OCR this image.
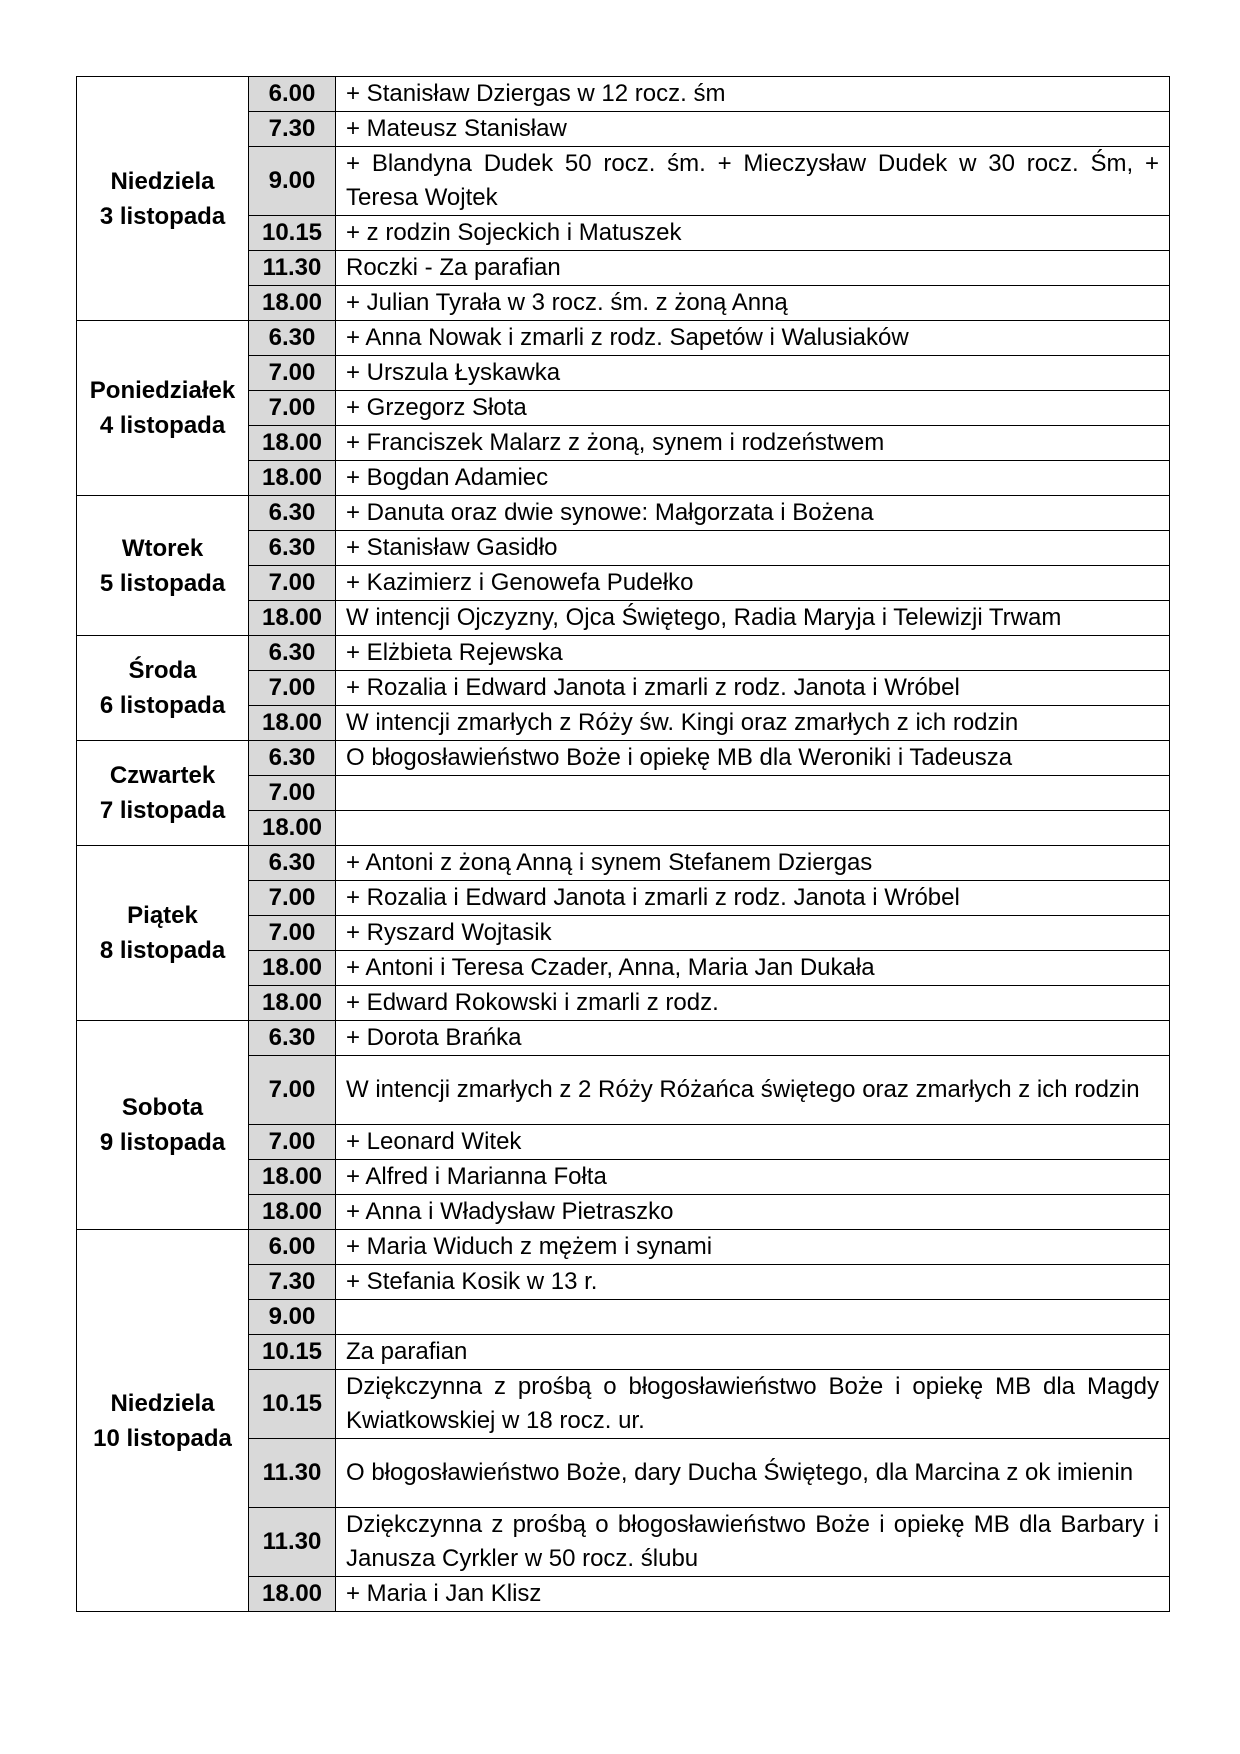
Niedziela
3 listopada	6.00	+ Stanisław Dziergas w 12 rocz. śm
	7.30	+ Mateusz Stanisław
	9.00	+ Blandyna Dudek 50 rocz. śm. + Mieczysław Dudek w 30 rocz. Śm, + Teresa Wojtek
	10.15	+ z rodzin Sojeckich i Matuszek
	11.30	Roczki - Za parafian
	18.00	+ Julian Tyrała w 3 rocz. śm. z żoną Anną

Poniedziałek
4 listopada	6.30	+ Anna Nowak i zmarli z rodz. Sapetów i Walusiaków
	7.00	+ Urszula Łyskawka
	7.00	+ Grzegorz Słota
	18.00	+ Franciszek Malarz z żoną, synem i rodzeństwem
	18.00	+ Bogdan Adamiec

Wtorek
5 listopada	6.30	+ Danuta oraz dwie synowe: Małgorzata i Bożena
	6.30	+ Stanisław Gasidło
	7.00	+ Kazimierz i Genowefa Pudełko
	18.00	W intencji Ojczyzny, Ojca Świętego, Radia Maryja i Telewizji Trwam

Środa
6 listopada	6.30	+ Elżbieta Rejewska
	7.00	+ Rozalia i Edward Janota i zmarli z rodz. Janota i Wróbel
	18.00	W intencji zmarłych z Róży św. Kingi oraz zmarłych z ich rodzin

Czwartek
7 listopada	6.30	O błogosławieństwo Boże i opiekę MB dla Weroniki i Tadeusza
	7.00	
	18.00	

Piątek
8 listopada	6.30	+ Antoni z żoną Anną i synem Stefanem Dziergas
	7.00	+ Rozalia i Edward Janota i zmarli z rodz. Janota i Wróbel
	7.00	+ Ryszard Wojtasik
	18.00	+ Antoni i Teresa Czader, Anna, Maria Jan Dukała
	18.00	+ Edward Rokowski i zmarli z rodz.

Sobota
9 listopada	6.30	+ Dorota Brańka
	7.00	W intencji zmarłych z 2 Róży Różańca świętego oraz zmarłych z ich rodzin
	7.00	+ Leonard Witek
	18.00	+ Alfred i Marianna Fołta
	18.00	+ Anna i Władysław Pietraszko

Niedziela
10 listopada	6.00	+ Maria Widuch z mężem i synami
	7.30	+ Stefania Kosik w 13 r.
	9.00	
	10.15	Za parafian
	10.15	Dziękczynna z prośbą o błogosławieństwo Boże i opiekę MB dla Magdy Kwiatkowskiej w 18 rocz. ur.
	11.30	O błogosławieństwo Boże, dary Ducha Świętego, dla Marcina z ok imienin
	11.30	Dziękczynna z prośbą o błogosławieństwo Boże i opiekę MB dla Barbary i Janusza Cyrkler w 50 rocz. ślubu
	18.00	+ Maria i Jan Klisz
